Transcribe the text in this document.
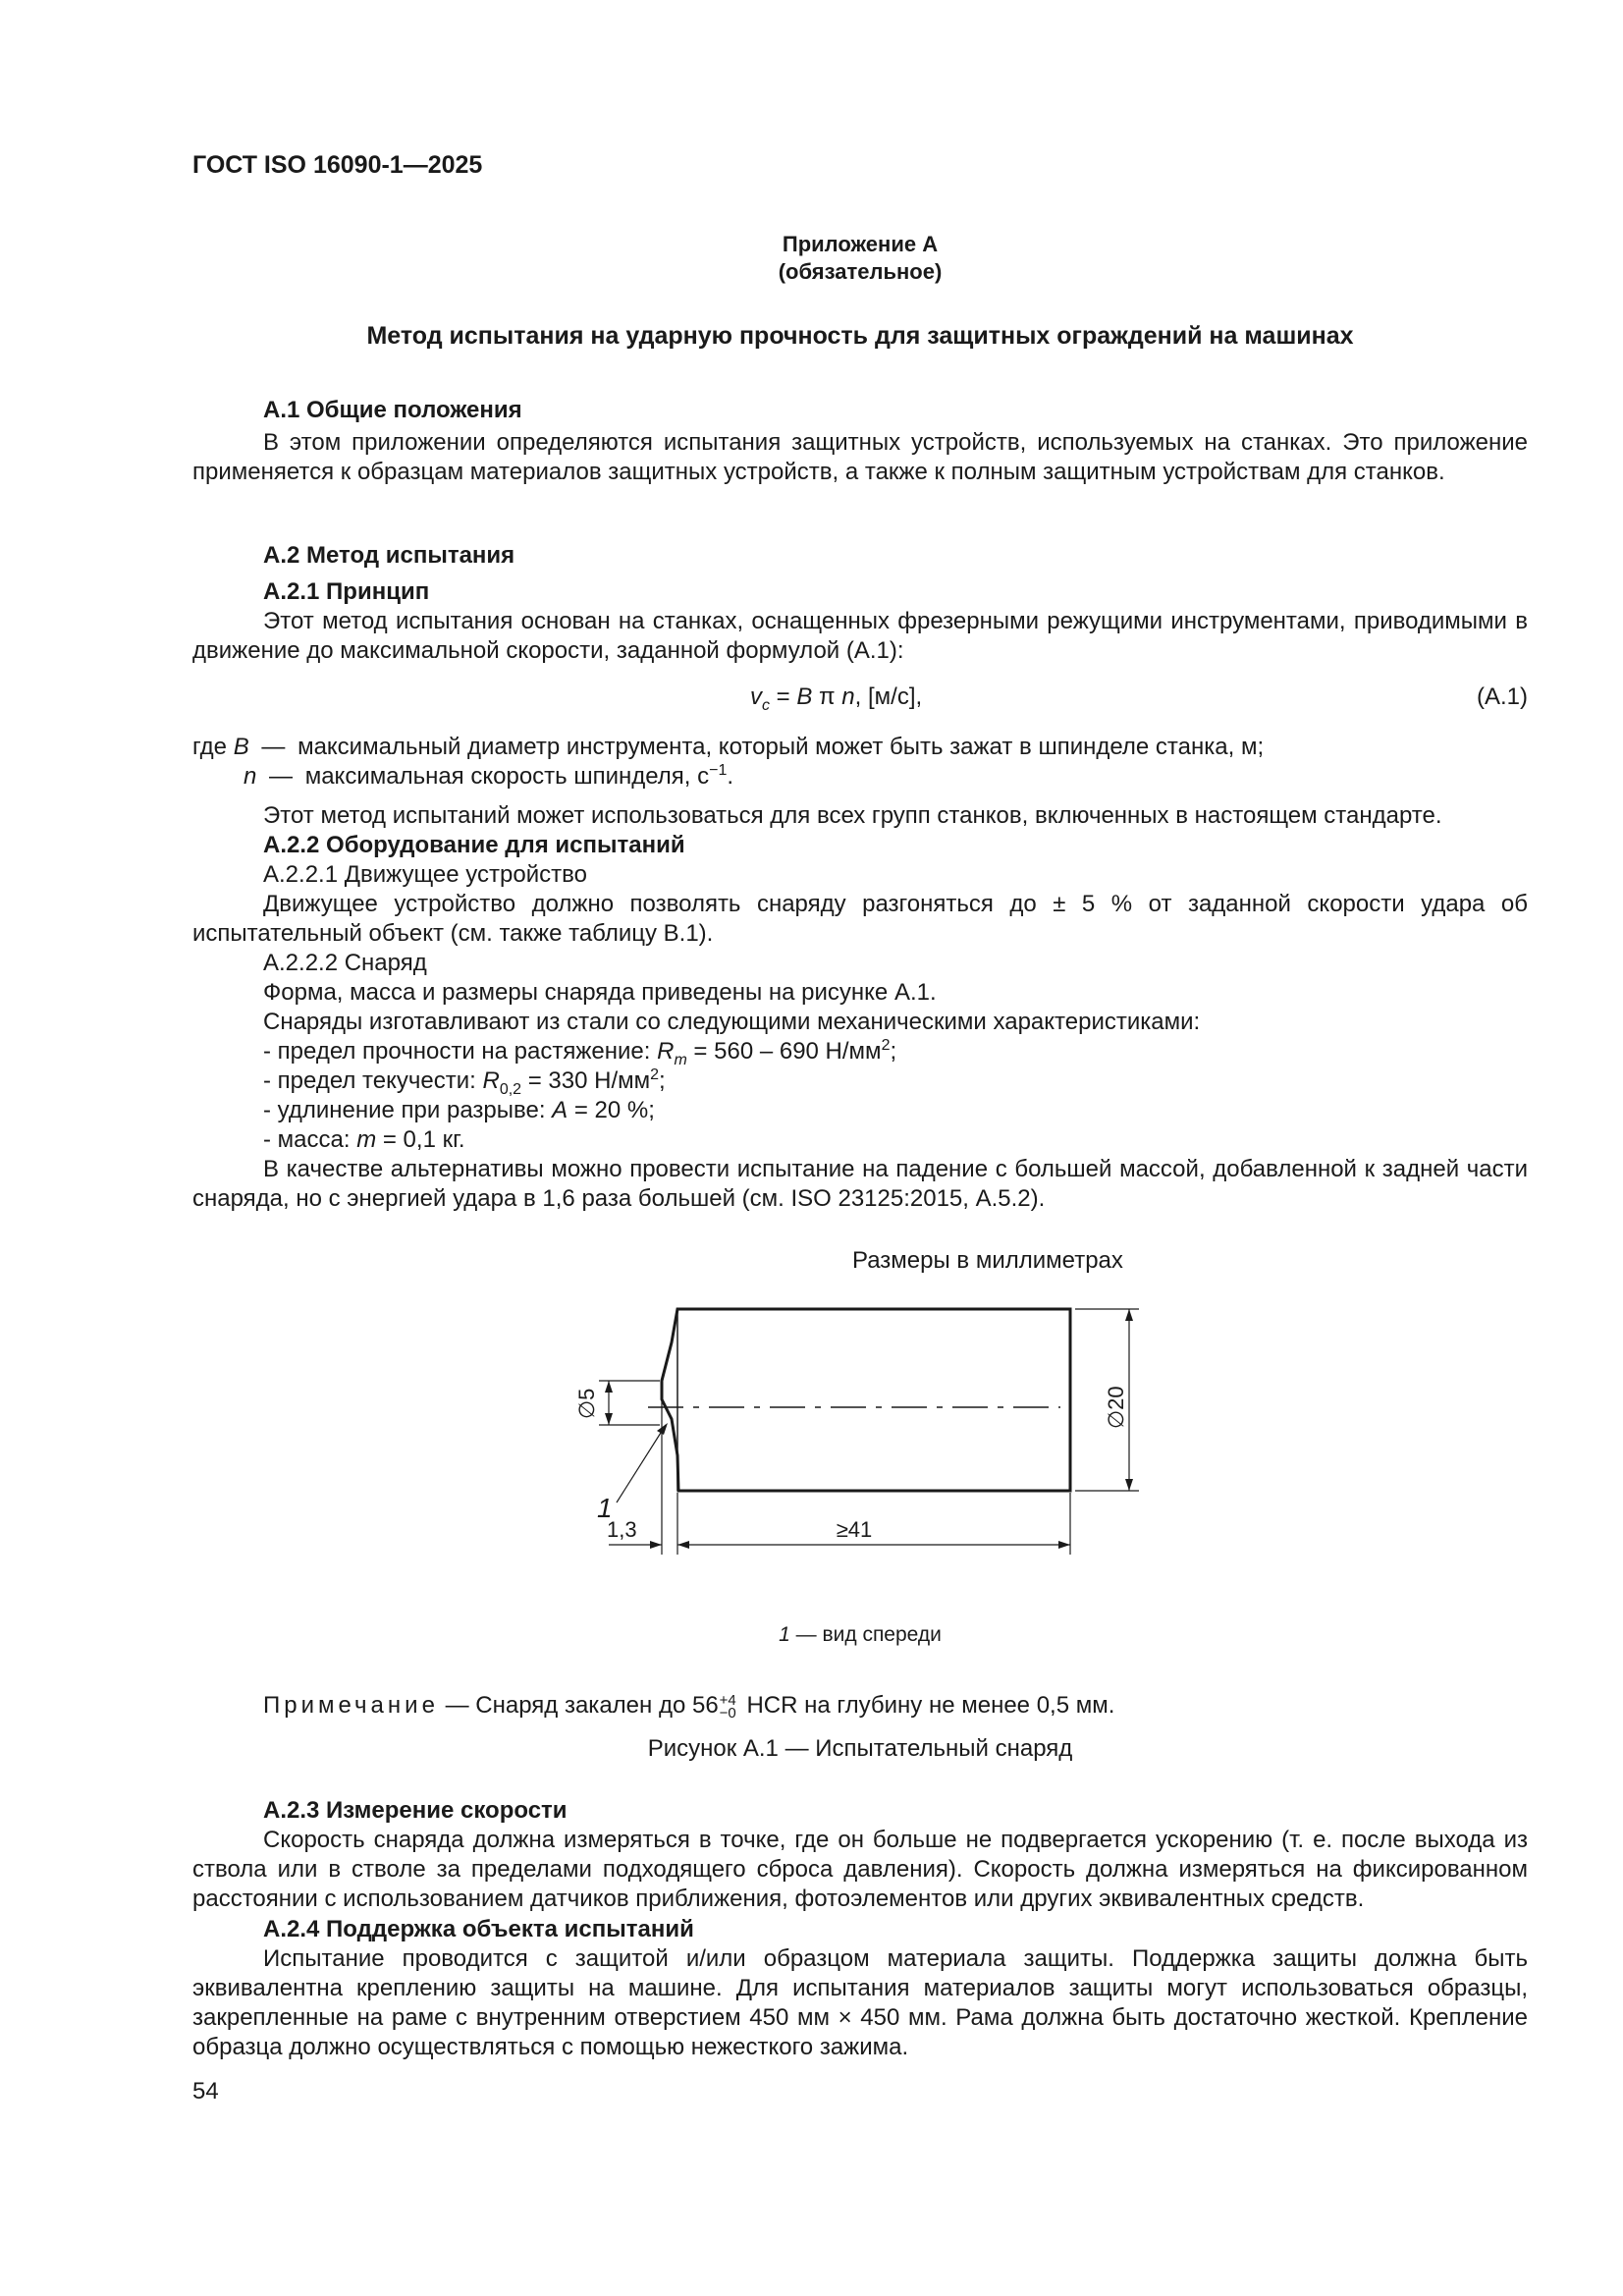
ГОСТ ISO 16090-1—2025
Приложение А
(обязательное)
Метод испытания на ударную прочность для защитных ограждений на машинах
А.1 Общие положения
В этом приложении определяются испытания защитных устройств, используемых на станках. Это приложение применяется к образцам материалов защитных устройств, а также к полным защитным устройствам для станков.
А.2 Метод испытания
А.2.1 Принцип
Этот метод испытания основан на станках, оснащенных фрезерными режущими инструментами, приводимыми в движение до максимальной скорости, заданной формулой (А.1):
$v_c = B$ π n, [м/с],	(А.1)
где B — максимальный диаметр инструмента, который может быть зажат в шпинделе станка, м;
n — максимальная скорость шпинделя, $с^{-1}$.
Этот метод испытаний может использоваться для всех групп станков, включенных в настоящем стандарте.
А.2.2 Оборудование для испытаний
А.2.2.1 Движущее устройство
Движущее устройство должно позволять снаряду разгоняться до ± 5 % от заданной скорости удара об испытательный объект (см. также таблицу В.1).
А.2.2.2 Снаряд
Форма, масса и размеры снаряда приведены на рисунке А.1.
Снаряды изготавливают из стали со следующими механическими характеристиками:
- предел прочности на растяжение: $R_m = 560 - 690$ $Н/мм^2$;
- предел текучести: $R_{0,2} = 330$ $Н/мм^2$;
- удлинение при разрыве: A = 20 %;
- масса: m = 0,1 кг.
В качестве альтернативы можно провести испытание на падение с большей массой, добавленной к задней части снаряда, но с энергией удара в 1,6 раза большей (см. ISO 23125:2015, А.5.2).
Размеры в миллиметрах
∅5	∅20
1,3	≥41
1
1 — вид спереди
Примечание — Снаряд закален до 56 +4
−0 HCR на глубину не менее 0,5 мм.
Рисунок А.1 — Испытательный снаряд
А.2.3 Измерение скорости
Скорость снаряда должна измеряться в точке, где он больше не подвергается ускорению (т. е. после выхода из ствола или в стволе за пределами подходящего сброса давления). Скорость должна измеряться на фиксированном расстоянии с использованием датчиков приближения, фотоэлементов или других эквивалентных средств.
А.2.4 Поддержка объекта испытаний
Испытание проводится с защитой и/или образцом материала защиты. Поддержка защиты должна быть эквивалентна креплению защиты на машине. Для испытания материалов защиты могут использоваться образцы, закрепленные на раме с внутренним отверстием 450 мм × 450 мм. Рама должна быть достаточно жесткой. Крепление образца должно осуществляться с помощью нежесткого зажима.
54
